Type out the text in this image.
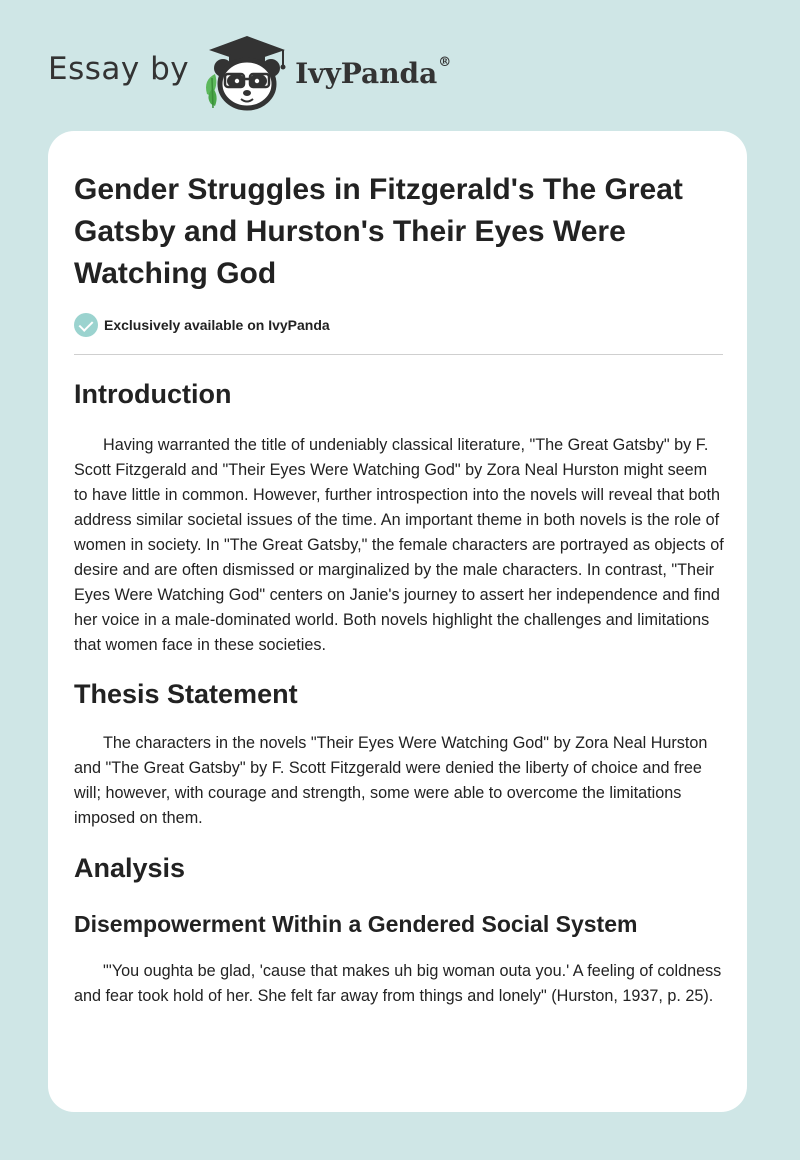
Essay by	IvyPanda®
Gender Struggles in Fitzgerald's The Great Gatsby and Hurston's Their Eyes Were Watching God
Exclusively available on IvyPanda
Introduction

Having warranted the title of undeniably classical literature, "The Great Gatsby" by F. Scott Fitzgerald and "Their Eyes Were Watching God" by Zora Neal Hurston might seem to have little in common. However, further introspection into the novels will reveal that both address similar societal issues of the time. An important theme in both novels is the role of women in society. In "The Great Gatsby," the female characters are portrayed as objects of desire and are often dismissed or marginalized by the male characters. In contrast, "Their Eyes Were Watching God" centers on Janie's journey to assert her independence and find her voice in a male-dominated world. Both novels highlight the challenges and limitations that women face in these societies.

Thesis Statement

The characters in the novels "Their Eyes Were Watching God" by Zora Neal Hurston and "The Great Gatsby" by F. Scott Fitzgerald were denied the liberty of choice and free will; however, with courage and strength, some were able to overcome the limitations imposed on them.

Analysis
Disempowerment Within a Gendered Social System

"'You oughta be glad, 'cause that makes uh big woman outa you.' A feeling of coldness and fear took hold of her. She felt far away from things and lonely" (Hurston, 1937, p. 25).
